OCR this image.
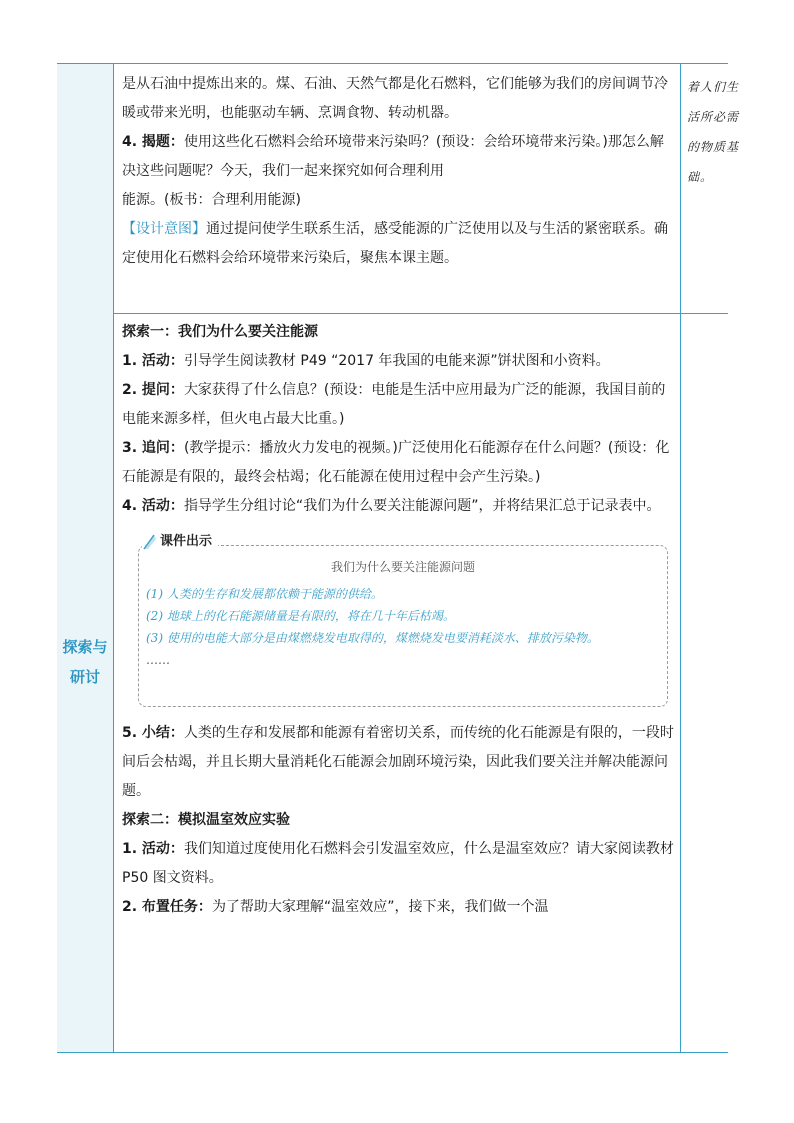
是从石油中提炼出来的。煤、石油、天然气都是化石燃料，它们能够为我们的房间调节冷暖或带来光明，也能驱动车辆、烹调食物、转动机器。

4. 揭题：使用这些化石燃料会给环境带来污染吗？(预设：会给环境带来污染。)那怎么解决这些问题呢？今天，我们一起来探究如何合理利用

能源。(板书：合理利用能源)

【设计意图】通过提问使学生联系生活，感受能源的广泛使用以及与生活的紧密联系。确定使用化石燃料会给环境带来污染后，聚焦本课主题。

着人们生活所必需的物质基础。
探索与研讨

探索一：我们为什么要关注能源

1. 活动：引导学生阅读教材 P49 “2017 年我国的电能来源”饼状图和小资料。

2. 提问：大家获得了什么信息？(预设：电能是生活中应用最为广泛的能源，我国目前的电能来源多样，但火电占最大比重。)

3. 追问：(教学提示：播放火力发电的视频。)广泛使用化石能源存在什么问题？(预设：化石能源是有限的，最终会枯竭；化石能源在使用过程中会产生污染。)

4. 活动：指导学生分组讨论“我们为什么要关注能源问题”，并将结果汇总于记录表中。

课件出示
我们为什么要关注能源问题
(1) 人类的生存和发展都依赖于能源的供给。
(2) 地球上的化石能源储量是有限的，将在几十年后枯竭。
(3) 使用的电能大部分是由煤燃烧发电取得的，煤燃烧发电要消耗淡水、排放污染物。
……

5. 小结：人类的生存和发展都和能源有着密切关系，而传统的化石能源是有限的，一段时间后会枯竭，并且长期大量消耗化石能源会加剧环境污染，因此我们要关注并解决能源问题。

探索二：模拟温室效应实验

1. 活动：我们知道过度使用化石燃料会引发温室效应，什么是温室效应？请大家阅读教材 P50 图文资料。

2. 布置任务：为了帮助大家理解“温室效应”，接下来，我们做一个温
